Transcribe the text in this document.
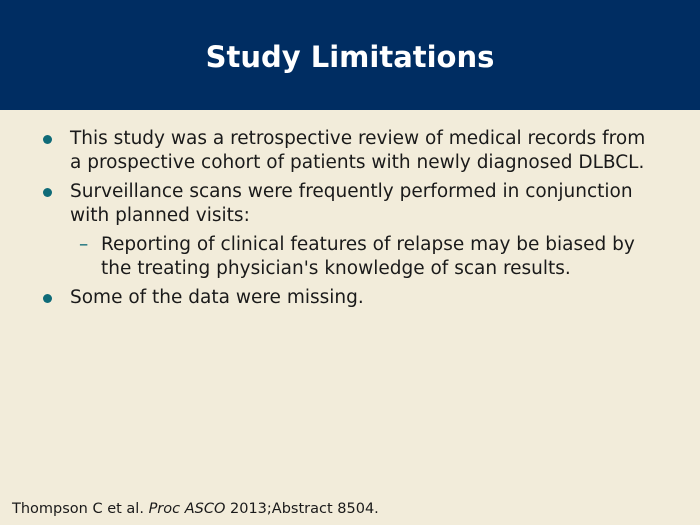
Study Limitations
This study was a retrospective review of medical records from a prospective cohort of patients with newly diagnosed DLBCL.
Surveillance scans were frequently performed in conjunction with planned visits:
– Reporting of clinical features of relapse may be biased by the treating physician's knowledge of scan results.
Some of the data were missing.
Thompson C et al. Proc ASCO 2013;Abstract 8504.
